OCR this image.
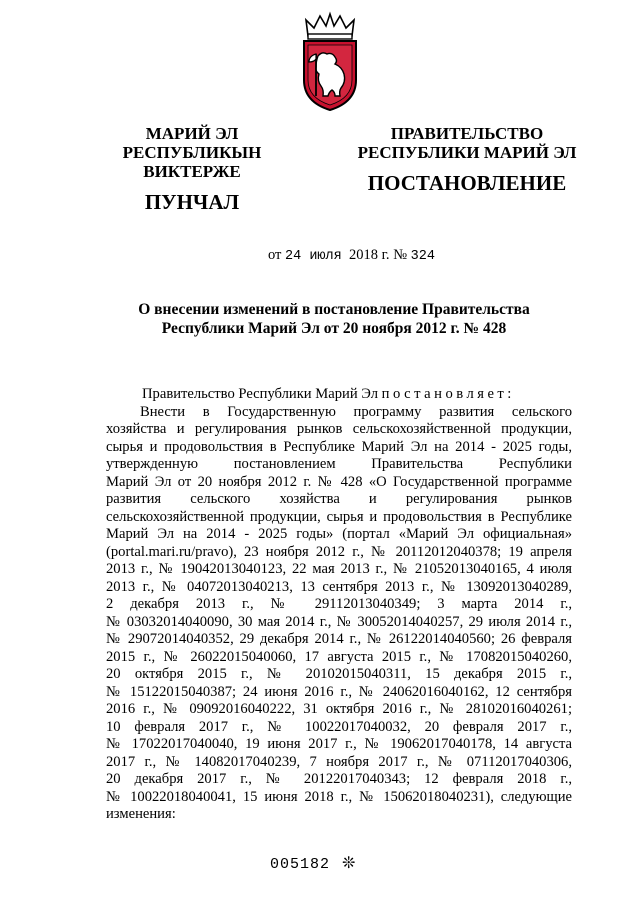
МАРИЙ ЭЛ РЕСПУБЛИКЫН
ВИКТЕРЖЕ
ПУНЧАЛ
ПРАВИТЕЛЬСТВО
РЕСПУБЛИКИ МАРИЙ ЭЛ
ПОСТАНОВЛЕНИЕ
от 24 июля 2018 г. № 324
О внесении изменений в постановление Правительства
Республики Марий Эл от 20 ноября 2012 г. № 428
Правительство Республики Марий Эл постановляет:
Внести в Государственную программу развития сельского
хозяйства и регулирования рынков сельскохозяйственной продукции,
сырья и продовольствия в Республике Марий Эл на 2014 - 2025 годы,
утвержденную постановлением Правительства Республики
Марий Эл от 20 ноября 2012 г. № 428 «О Государственной программе
развития сельского хозяйства и регулирования рынков
сельскохозяйственной продукции, сырья и продовольствия в Республике
Марий Эл на 2014 - 2025 годы» (портал «Марий Эл официальная»
(portal.mari.ru/pravo), 23 ноября 2012 г., № 20112012040378; 19 апреля
2013 г., № 19042013040123, 22 мая 2013 г., № 21052013040165, 4 июля
2013 г., № 04072013040213, 13 сентября 2013 г., № 13092013040289,
2 декабря 2013 г., № 29112013040349; 3 марта 2014 г.,
№ 03032014040090, 30 мая 2014 г., № 30052014040257, 29 июля 2014 г.,
№ 29072014040352, 29 декабря 2014 г., № 26122014040560; 26 февраля
2015 г., № 26022015040060, 17 августа 2015 г., № 17082015040260,
20 октября 2015 г., № 20102015040311, 15 декабря 2015 г.,
№ 15122015040387; 24 июня 2016 г., № 24062016040162, 12 сентября
2016 г., № 09092016040222, 31 октября 2016 г., № 28102016040261;
10 февраля 2017 г., № 10022017040032, 20 февраля 2017 г.,
№ 17022017040040, 19 июня 2017 г., № 19062017040178, 14 августа
2017 г., № 14082017040239, 7 ноября 2017 г., № 07112017040306,
20 декабря 2017 г., № 20122017040343; 12 февраля 2018 г.,
№ 10022018040041, 15 июня 2018 г., № 15062018040231), следующие
изменения:
005182 ❊
